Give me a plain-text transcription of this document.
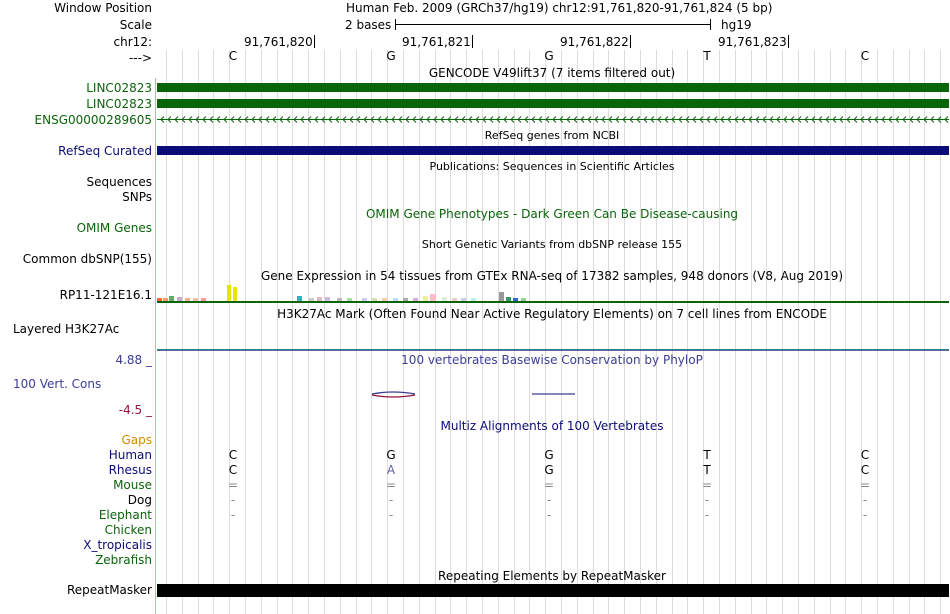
Window Position	Human Feb. 2009 (GRCh37/hg19) chr12:91,761,820-91,761,824 (5 bp)
Scale	2 bases	hg19
chr12:	91,761,820	91,761,821	91,761,822	91,761,823
--->	C	G	G	T	C
GENCODE V49lift37 (7 items filtered out)
LINC02823
LINC02823
ENSG00000289605
RefSeq genes from NCBI
RefSeq Curated
Publications: Sequences in Scientific Articles
Sequences
SNPs
OMIM Gene Phenotypes - Dark Green Can Be Disease-causing
OMIM Genes
Short Genetic Variants from dbSNP release 155
Common dbSNP(155)
Gene Expression in 54 tissues from GTEx RNA-seq of 17382 samples, 948 donors (V8, Aug 2019)
RP11-121E16.1
H3K27Ac Mark (Often Found Near Active Regulatory Elements) on 7 cell lines from ENCODE
Layered H3K27Ac
100 vertebrates Basewise Conservation by PhyloP
4.88 _
100 Vert. Cons
-4.5 _
Multiz Alignments of 100 Vertebrates
Gaps
Human	C	G	G	T	C
Rhesus	C	A	G	T	C
Mouse	=	=	=	=	=
Dog	-	-	-	-	-
Elephant	-	-	-	-	-
Chicken
X_tropicalis
Zebrafish
Repeating Elements by RepeatMasker
RepeatMasker
